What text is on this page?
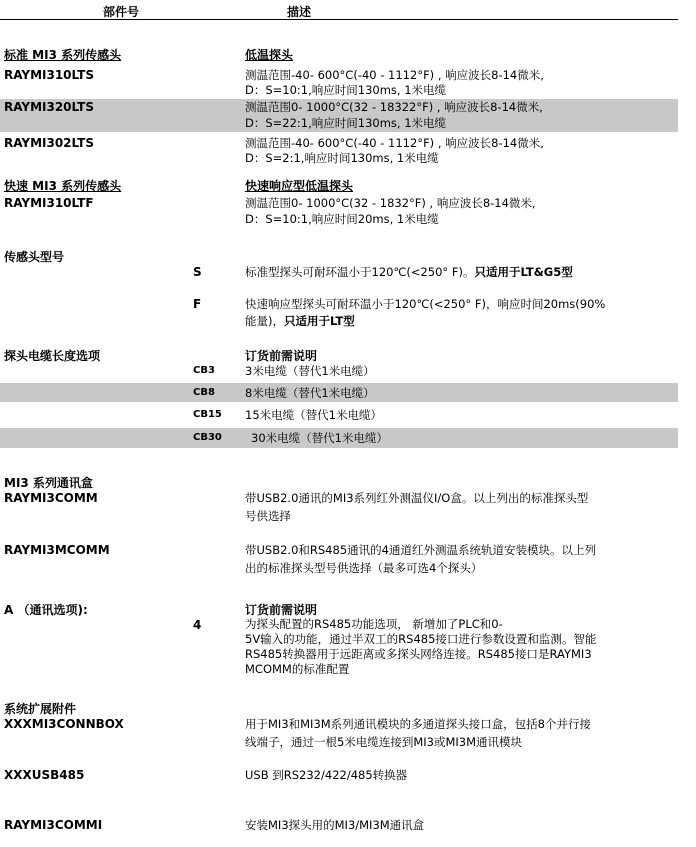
部件号	描述
标准 MI3 系列传感头	低温探头
RAYMI310LTS	测温范围-40- 600°C(-40 - 1112°F) , 响应波长8-14微米,
D：S=10:1,响应时间130ms, 1米电缆
RAYMI320LTS	测温范围0- 1000°C(32 - 18322°F) , 响应波长8-14微米,
D：S=22:1,响应时间130ms, 1米电缆
RAYMI302LTS	测温范围-40- 600°C(-40 - 1112°F) , 响应波长8-14微米,
D：S=2:1,响应时间130ms, 1米电缆
快速 MI3 系列传感头	快速响应型低温探头
RAYMI310LTF	测温范围0- 1000°C(32 - 1832°F) , 响应波长8-14微米,
D：S=10:1,响应时间20ms, 1米电缆
传感头型号
S	标准型探头可耐环温小于120℃(<250° F)。只适用于LT&G5型
F	快速响应型探头可耐环温小于120℃(<250° F)，响应时间20ms(90%
能量)，只适用于LT型
探头电缆长度选项	订货前需说明
CB3	3米电缆（替代1米电缆）
CB8	8米电缆（替代1米电缆）
CB15 15米电缆（替代1米电缆）
CB30	30米电缆（替代1米电缆）
MI3 系列通讯盒
RAYMI3COMM	带USB2.0通讯的MI3系列红外测温仪I/O盒。以上列出的标准探头型
号供选择
RAYMI3MCOMM	带USB2.0和RS485通讯的4通道红外测温系统轨道安装模块。以上列
出的标准探头型号供选择（最多可选4个探头）
A （通讯选项):	订货前需说明
4	为探头配置的RS485功能选项， 新增加了PLC和0-
5V输入的功能，通过半双工的RS485接口进行参数设置和监测。智能
RS485转换器用于远距离或多探头网络连接。RS485接口是RAYMI3
MCOMM的标准配置
系统扩展附件
XXXMI3CONNBOX	用于MI3和MI3M系列通讯模块的多通道探头接口盒，包括8个并行接
线端子，通过一根5米电缆连接到MI3或MI3M通讯模块
XXXUSB485	USB 到RS232/422/485转换器
RAYMI3COMMI	安装MI3探头用的MI3/MI3M通讯盒
